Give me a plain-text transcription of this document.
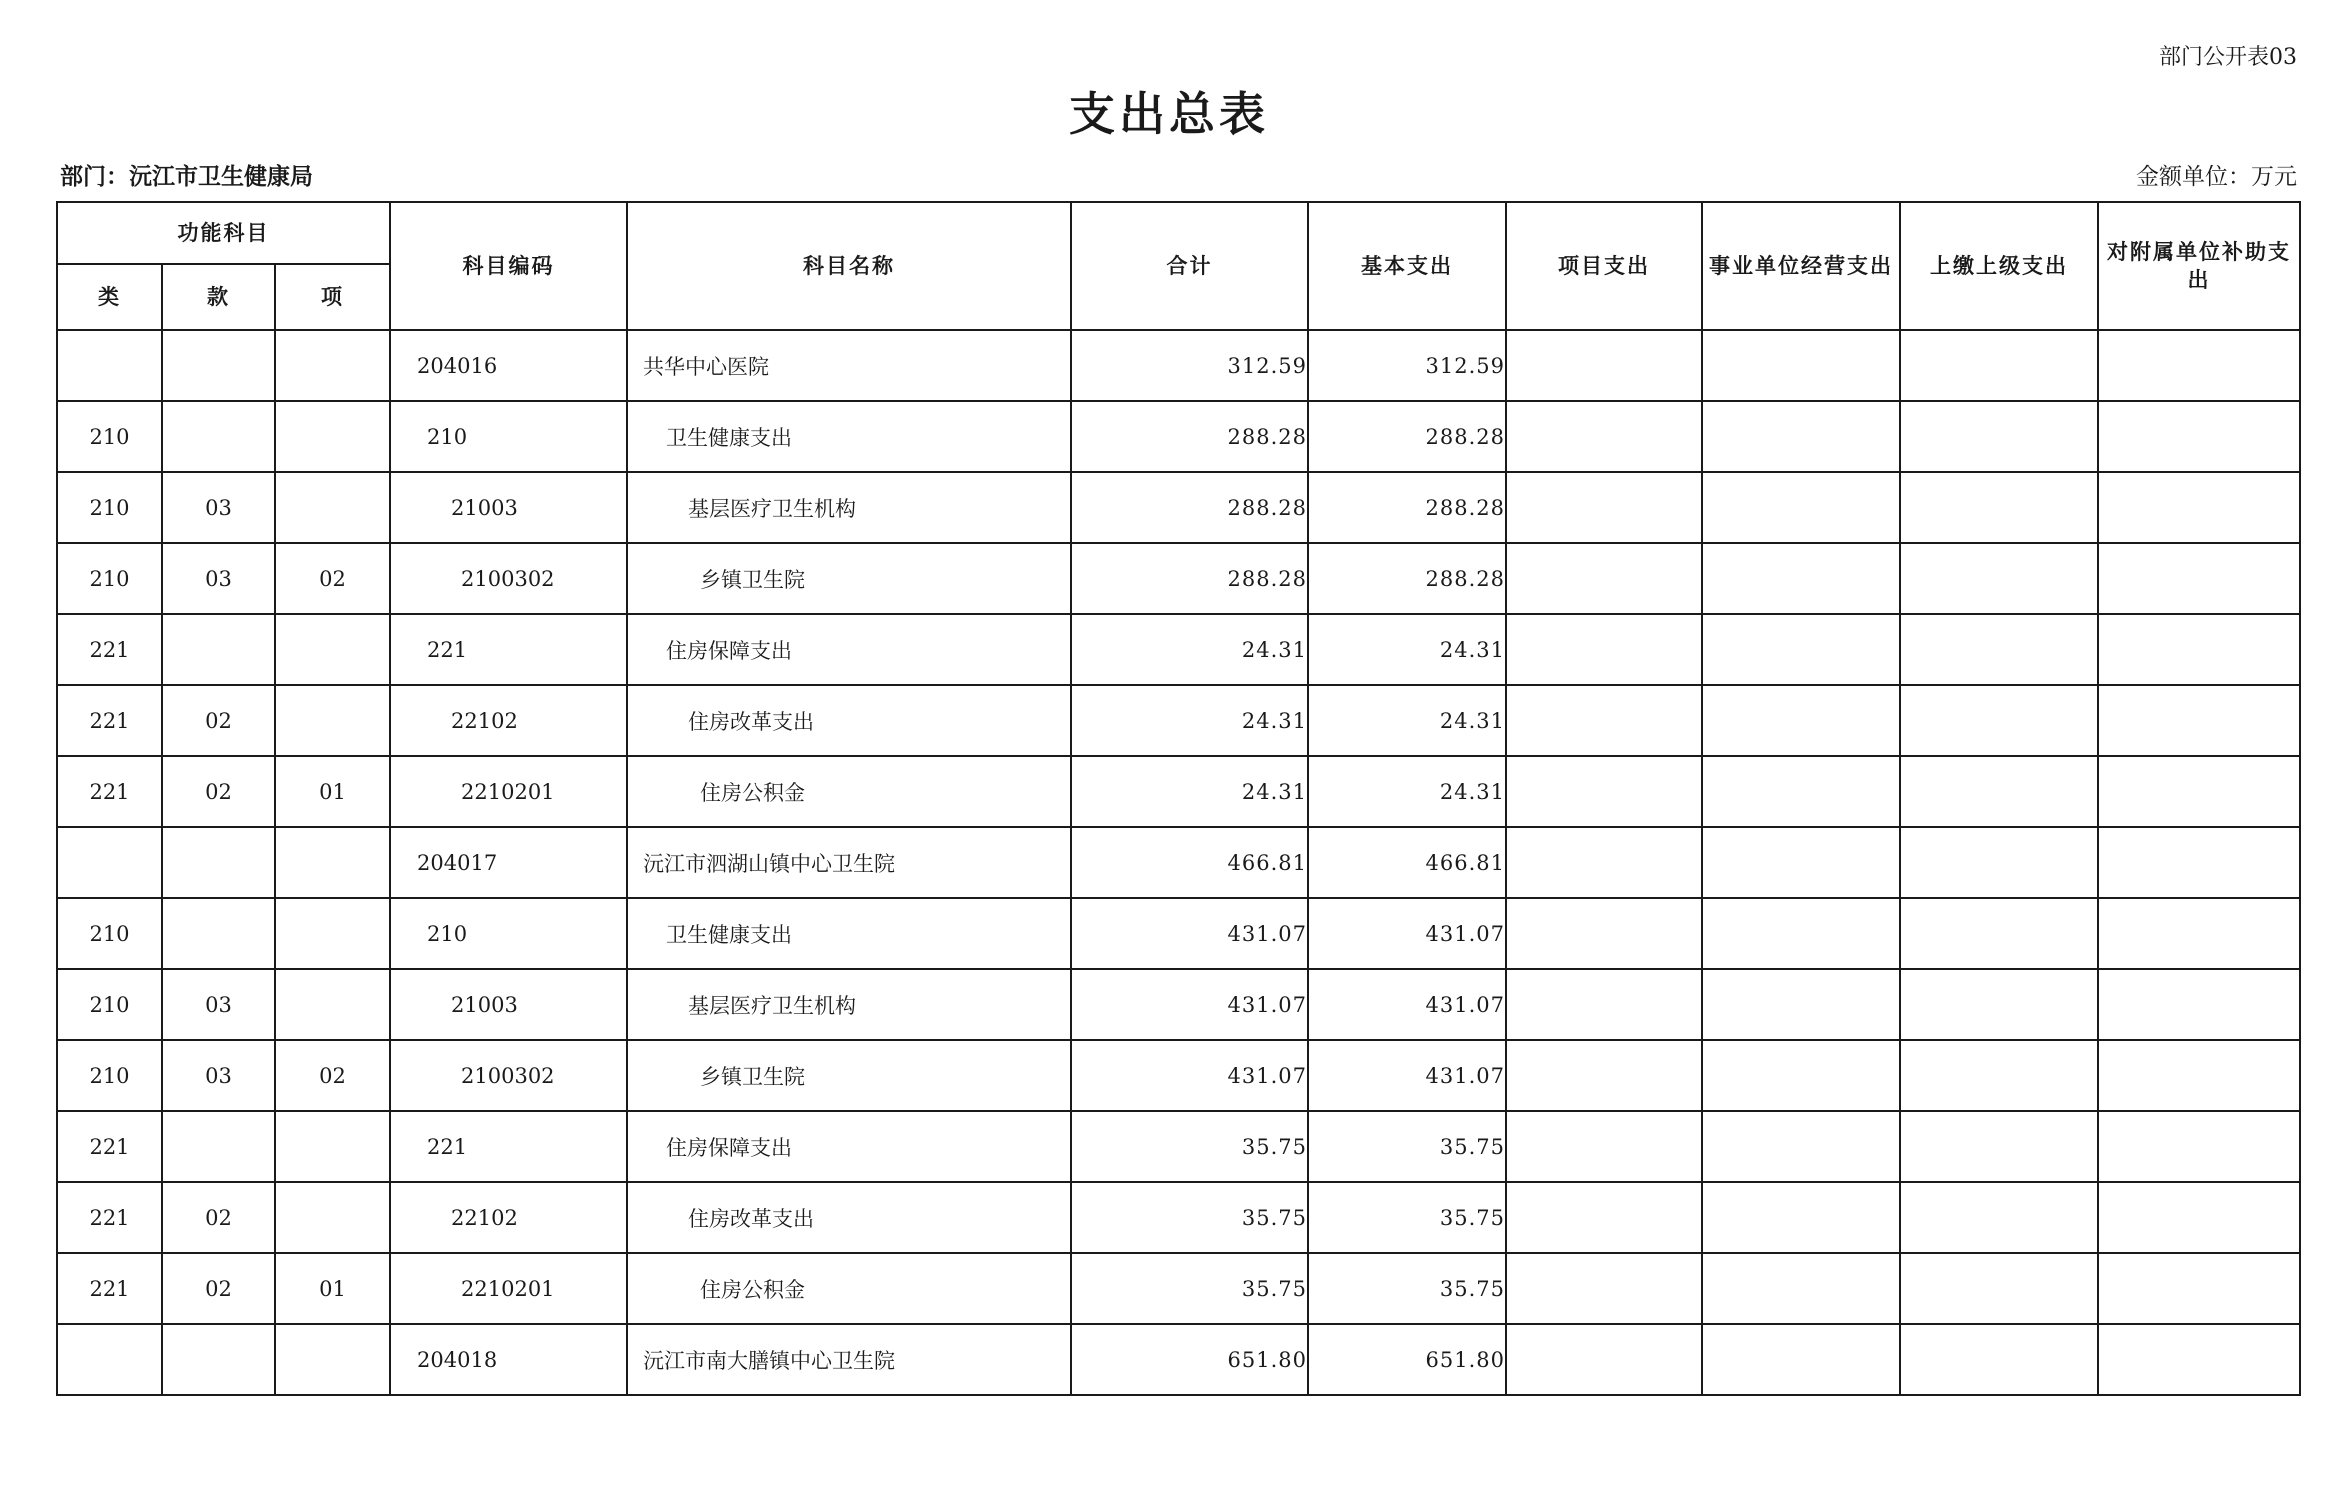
部门公开表03
支出总表
部门：沅江市卫生健康局	金额单位：万元
功能科目			科目编码	科目名称	合计	基本支出	项目支出	事业单位经营支出	上缴上级支出	对附属单位补助支出
类	款	项								
			204016	共华中心医院	312.59	312.59				
210			210	卫生健康支出	288.28	288.28				
210	03		21003	基层医疗卫生机构	288.28	288.28				
210	03	02	2100302	乡镇卫生院	288.28	288.28				
221			221	住房保障支出	24.31	24.31				
221	02		22102	住房改革支出	24.31	24.31				
221	02	01	2210201	住房公积金	24.31	24.31				
			204017	沅江市泗湖山镇中心卫生院	466.81	466.81				
210			210	卫生健康支出	431.07	431.07				
210	03		21003	基层医疗卫生机构	431.07	431.07				
210	03	02	2100302	乡镇卫生院	431.07	431.07				
221			221	住房保障支出	35.75	35.75				
221	02		22102	住房改革支出	35.75	35.75				
221	02	01	2210201	住房公积金	35.75	35.75				
			204018	沅江市南大膳镇中心卫生院	651.80	651.80				
